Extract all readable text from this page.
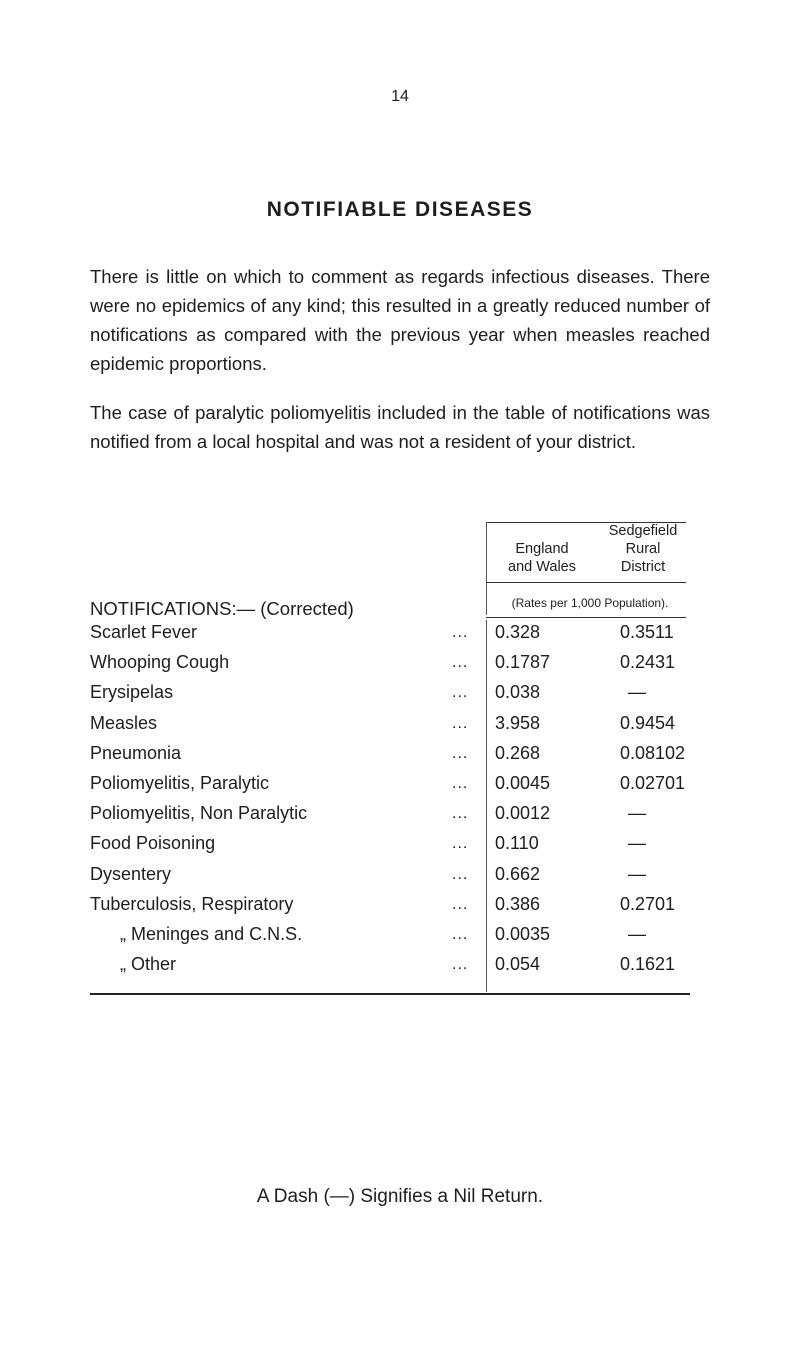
14
NOTIFIABLE DISEASES
There is little on which to comment as regards infectious diseases. There were no epidemics of any kind; this resulted in a greatly reduced number of notifications as compared with the previous year when measles reached epidemic proportions.
The case of paralytic poliomyelitis included in the table of notifications was notified from a local hospital and was not a resident of your district.
England
and Wales
Sedgefield
Rural
District
(Rates per 1,000 Population).
NOTIFICATIONS:— (Corrected)
Scarlet Fever	... 0.328	0.3511
Whooping Cough	... 0.1787	0.2431
Erysipelas	... 0.038	—
Measles	... 3.958	0.9454
Pneumonia	... 0.268	0.08102
Poliomyelitis, Paralytic	... 0.0045	0.02701
Poliomyelitis, Non Paralytic	... 0.0012	—
Food Poisoning	... 0.110	—
Dysentery	... 0.662	—
Tuberculosis, Respiratory	... 0.386	0.2701
„ Meninges and C.N.S.	... 0.0035	—
„ Other	... 0.054	0.1621
A Dash (—) Signifies a Nil Return.
